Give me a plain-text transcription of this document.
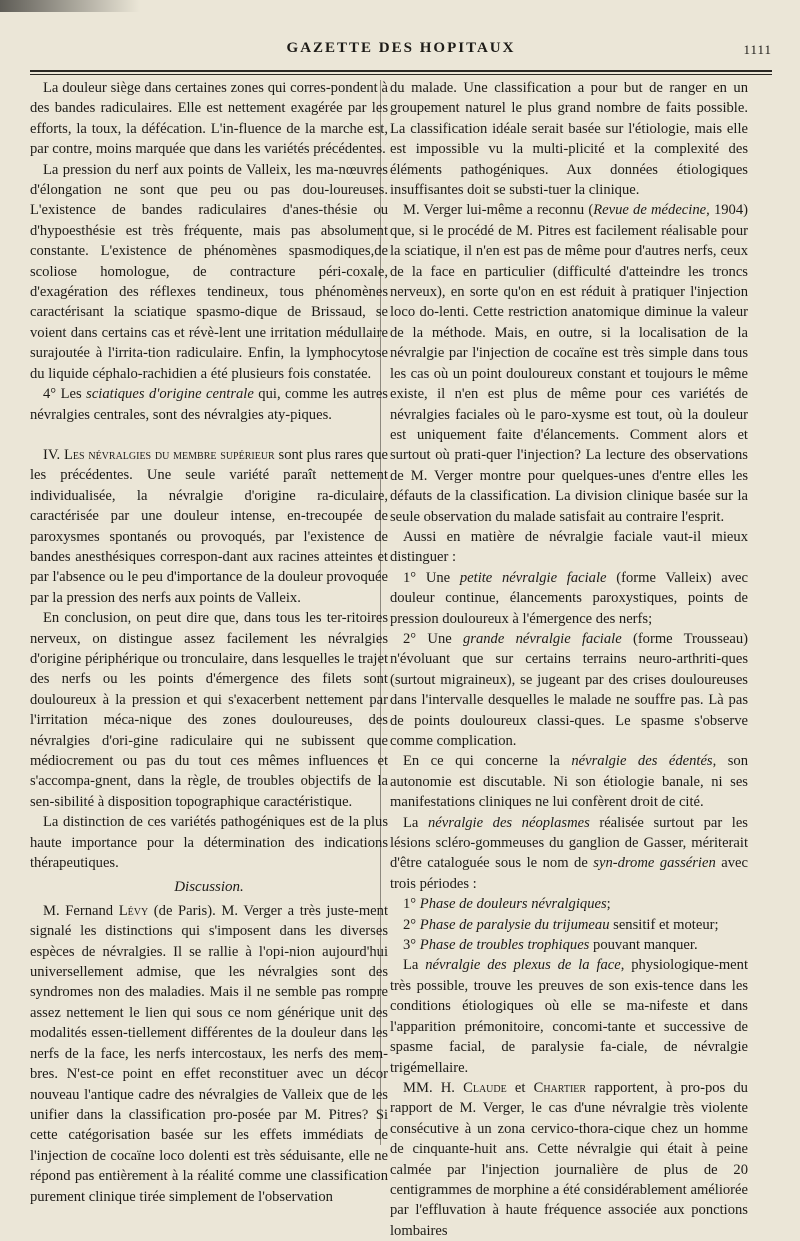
GAZETTE DES HOPITAUX	1111

La douleur siège dans certaines zones qui corres-pondent à des bandes radiculaires. Elle est nettement exagérée par les efforts, la toux, la défécation. L'in-fluence de la marche est, par contre, moins marquée que dans les variétés précédentes.

La pression du nerf aux points de Valleix, les ma-nœuvres d'élongation ne sont que peu ou pas dou-loureuses. L'existence de bandes radiculaires d'anes-thésie ou d'hypoesthésie est très fréquente, mais pas absolument constante. L'existence de phénomènes spasmodiques,de scoliose homologue, de contracture péri-coxale, d'exagération des réflexes tendineux, tous phénomènes caractérisant la sciatique spasmo-dique de Brissaud, se voient dans certains cas et révè-lent une irritation médullaire surajoutée à l'irrita-tion radiculaire. Enfin, la lymphocytose du liquide céphalo-rachidien a été plusieurs fois constatée.

4° Les sciatiques d'origine centrale qui, comme les autres névralgies centrales, sont des névralgies aty-piques.

IV. Les névralgies du membre supérieur sont plus rares que les précédentes. Une seule variété paraît nettement individualisée, la névralgie d'origine ra-diculaire, caractérisée par une douleur intense, en-trecoupée de paroxysmes spontanés ou provoqués, par l'existence de bandes anesthésiques correspon-dant aux racines atteintes et par l'absence ou le peu d'importance de la douleur provoquée par la pression des nerfs aux points de Valleix.

En conclusion, on peut dire que, dans tous les ter-ritoires nerveux, on distingue assez facilement les névralgies d'origine périphérique ou tronculaire, dans lesquelles le trajet des nerfs ou les points d'émergence des filets sont douloureux à la pression et qui s'exacerbent nettement par l'irritation méca-nique des zones douloureuses, des névralgies d'ori-gine radiculaire qui ne subissent que médiocrement ou pas du tout ces mêmes influences et s'accompa-gnent, dans la règle, de troubles objectifs de la sen-sibilité à disposition topographique caractéristique.

La distinction de ces variétés pathogéniques est de la plus haute importance pour la détermination des indications thérapeutiques.

Discussion.

M. Fernand Lévy (de Paris). M. Verger a très juste-ment signalé les distinctions qui s'imposent dans les diverses espèces de névralgies. Il se rallie à l'opi-nion aujourd'hui universellement admise, que les névralgies sont des syndromes non des maladies. Mais il ne semble pas rompre assez nettement le lien qui sous ce nom générique unit des modalités essen-tiellement différentes de la douleur dans les nerfs de la face, les nerfs intercostaux, les nerfs des mem-bres. N'est-ce point en effet reconstituer avec un décor nouveau l'antique cadre des névralgies de Valleix que de les unifier dans la classification pro-posée par M. Pitres? Si cette catégorisation basée sur les effets immédiats de l'injection de cocaïne loco dolenti est très séduisante, elle ne répond pas entièrement à la réalité comme une classification purement clinique tirée simplement de l'observation

du malade. Une classification a pour but de ranger en un groupement naturel le plus grand nombre de faits possible. La classification idéale serait basée sur l'étiologie, mais elle est impossible vu la multi-plicité et la complexité des éléments pathogéniques. Aux données étiologiques insuffisantes doit se substi-tuer la clinique.

M. Verger lui-même a reconnu (Revue de médecine, 1904) que, si le procédé de M. Pitres est facilement réalisable pour la sciatique, il n'en est pas de même pour d'autres nerfs, ceux de la face en particulier (difficulté d'atteindre les troncs nerveux), en sorte qu'on en est réduit à pratiquer l'injection loco do-lenti. Cette restriction anatomique diminue la valeur de la méthode. Mais, en outre, si la localisation de la névralgie par l'injection de cocaïne est très simple dans tous les cas où un point douloureux constant et toujours le même existe, il n'en est plus de même pour ces variétés de névralgies faciales où le paro-xysme est tout, où la douleur est uniquement faite d'élancements. Comment alors et surtout où prati-quer l'injection? La lecture des observations de M. Verger montre pour quelques-unes d'entre elles les défauts de la classification. La division clinique basée sur la seule observation du malade satisfait au contraire l'esprit.

Aussi en matière de névralgie faciale vaut-il mieux distinguer :

1° Une petite névralgie faciale (forme Valleix) avec douleur continue, élancements paroxystiques, points de pression douloureux à l'émergence des nerfs;

2° Une grande névralgie faciale (forme Trousseau) n'évoluant que sur certains terrains neuro-arthriti-ques (surtout migraineux), se jugeant par des crises douloureuses dans l'intervalle desquelles le malade ne souffre pas. Là pas de points douloureux classi-ques. Le spasme s'observe comme complication.

En ce qui concerne la névralgie des édentés, son autonomie est discutable. Ni son étiologie banale, ni ses manifestations cliniques ne lui confèrent droit de cité.

La névralgie des néoplasmes réalisée surtout par les lésions scléro-gommeuses du ganglion de Gasser, mériterait d'être cataloguée sous le nom de syn-drome gassérien avec trois périodes :

1° Phase de douleurs névralgiques;

2° Phase de paralysie du trijumeau sensitif et moteur;

3° Phase de troubles trophiques pouvant manquer.

La névralgie des plexus de la face, physiologique-ment très possible, trouve les preuves de son exis-tence dans les conditions étiologiques où elle se ma-nifeste et dans l'apparition prémonitoire, concomi-tante et successive de spasme facial, de paralysie fa-ciale, de névralgie trigémellaire.

MM. H. Claude et Chartier rapportent, à pro-pos du rapport de M. Verger, le cas d'une névralgie très violente consécutive à un zona cervico-thora-cique chez un homme de cinquante-huit ans. Cette névralgie qui était à peine calmée par l'injection journalière de plus de 20 centigrammes de morphine a été considérablement améliorée par l'effluvation à haute fréquence associée aux ponctions lombaires
